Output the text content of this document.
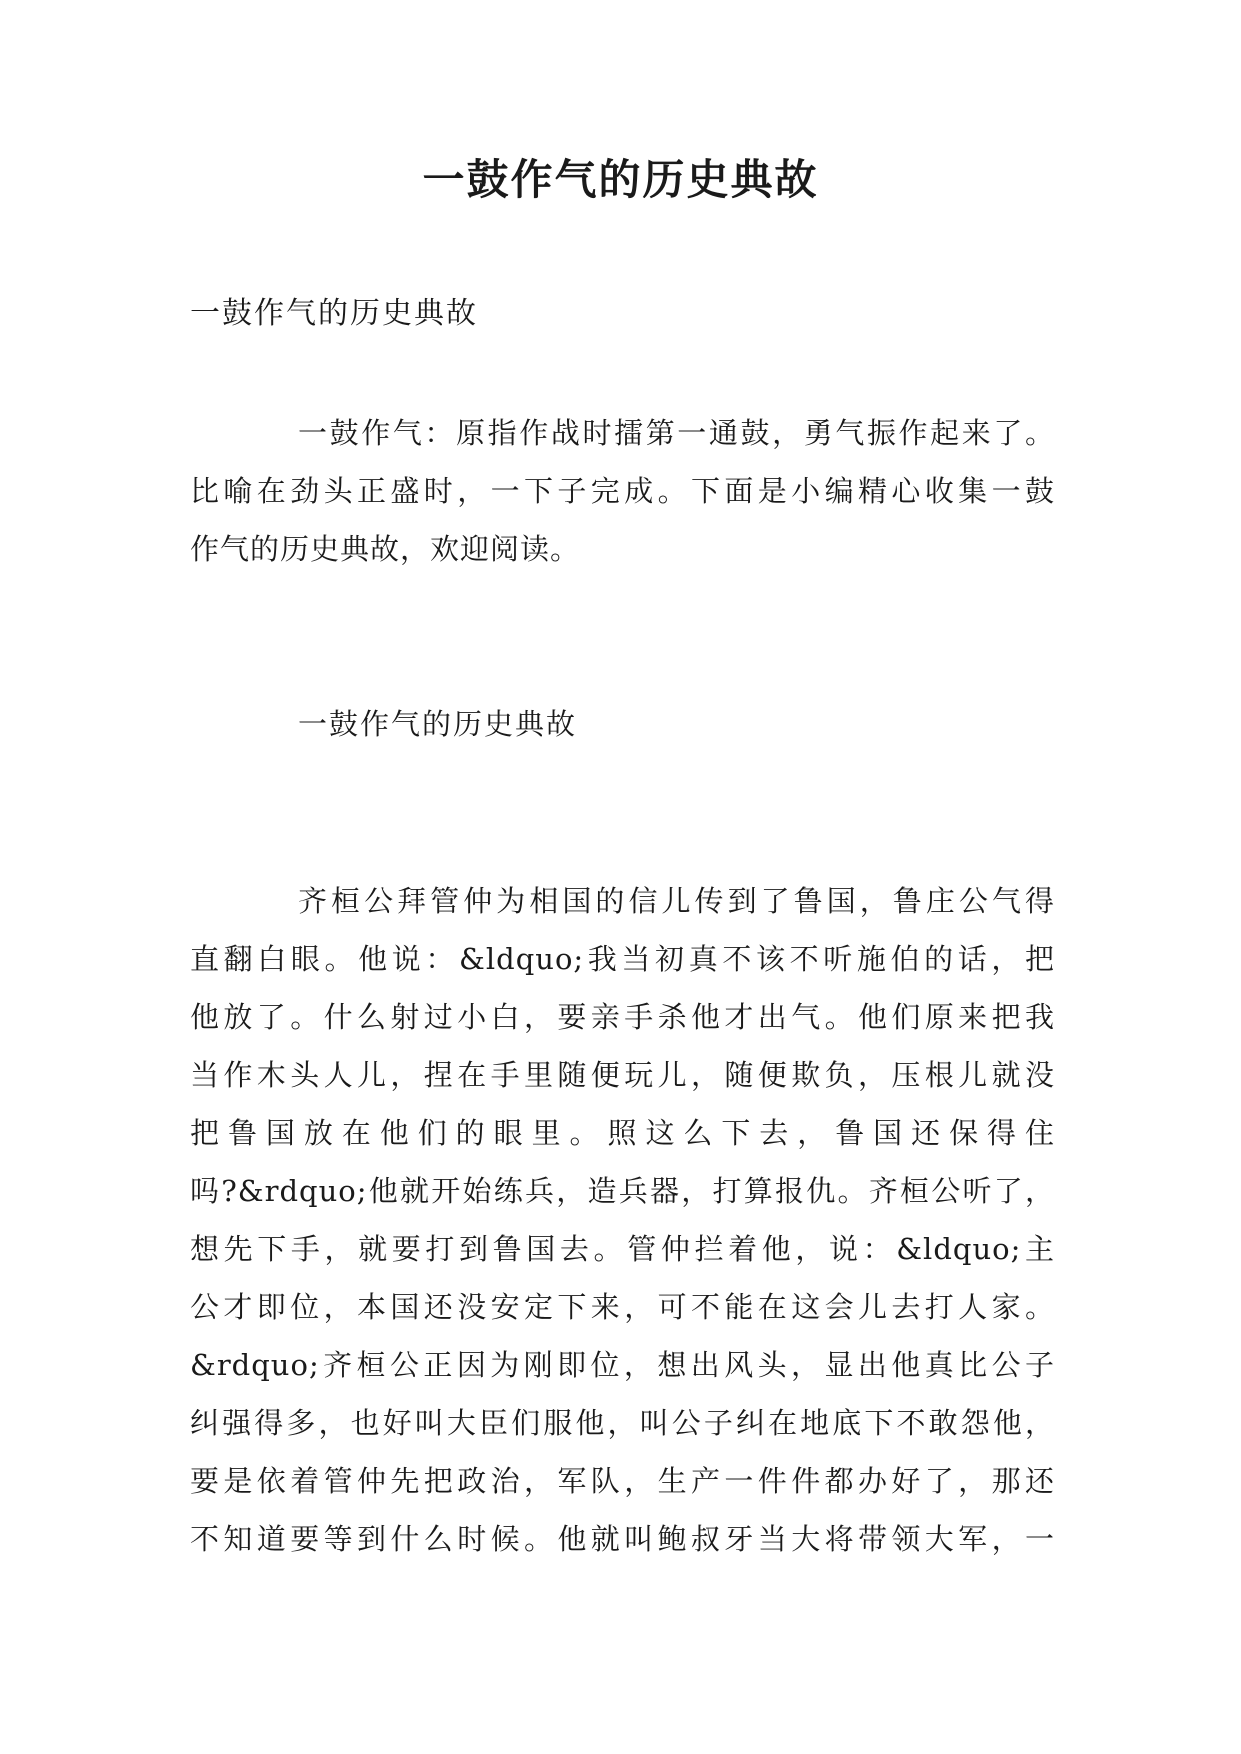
一鼓作气的历史典故

一鼓作气的历史典故

一鼓作气：原指作战时擂第一通鼓，勇气振作起来了。
比喻在劲头正盛时，一下子完成。下面是小编精心收集一鼓
作气的历史典故，欢迎阅读。

一鼓作气的历史典故

齐桓公拜管仲为相国的信儿传到了鲁国，鲁庄公气得
直翻白眼。他说：&ldquo;我当初真不该不听施伯的话，把
他放了。什么射过小白，要亲手杀他才出气。他们原来把我
当作木头人儿，捏在手里随便玩儿，随便欺负，压根儿就没
把鲁国放在他们的眼里。照这么下去，鲁国还保得住
吗?&rdquo;他就开始练兵，造兵器，打算报仇。齐桓公听了，
想先下手，就要打到鲁国去。管仲拦着他，说：&ldquo;主
公才即位，本国还没安定下来，可不能在这会儿去打人家。
&rdquo;齐桓公正因为刚即位，想出风头，显出他真比公子
纠强得多，也好叫大臣们服他，叫公子纠在地底下不敢怨他，
要是依着管仲先把政治，军队，生产一件件都办好了，那还
不知道要等到什么时候。他就叫鲍叔牙当大将带领大军，一
